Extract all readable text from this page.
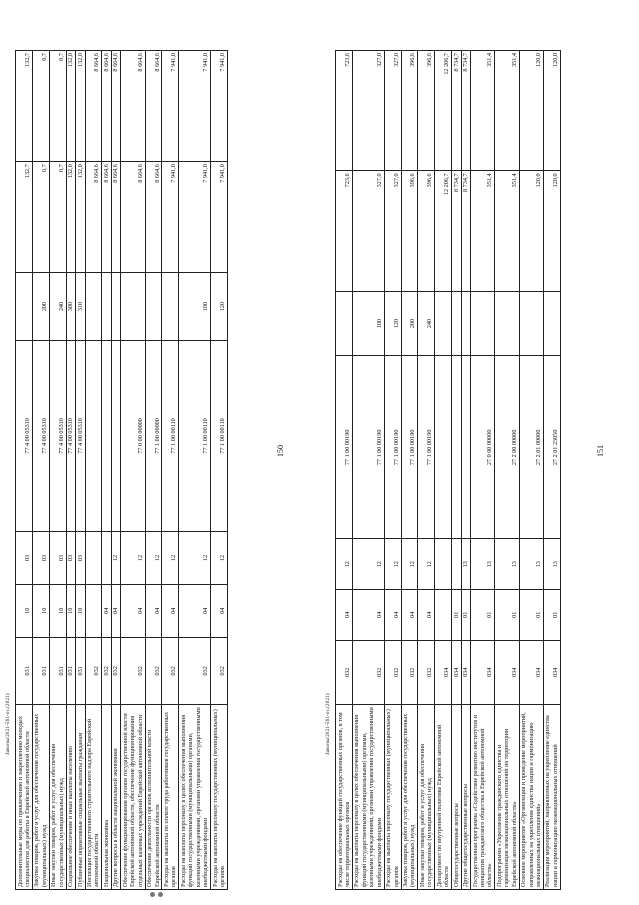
150
Законы/2021-561-оз.(2021) Дополнительные меры по привлечению и закреплению молодых специалистов для работы в Еврейской автономной области	031	10	03	77 4 00 05310		132,7	132,7
Закупка товаров, работ и услуг для обеспечения государственных (муниципальных) нужд	031	10	03	77 4 00 05310	200	0,7	0,7
Иные закупки товаров, работ и услуг для обеспечения государственных (муниципальных) нужд	031	10	03	77 4 00 05310	240	0,7	0,7
Социальное обеспечение и иные выплаты населению	031	10	03	77 4 00 05310	300	132,0	132,0
Публичные нормативные социальные выплаты гражданам	031	10	03	77 4 00 05310	310	132,0	132,0
Инспекция государственного строительного надзора Еврейской автономной области	032					8 664,6	8 664,6
Национальная экономика	032	04				8 664,6	8 664,6
Другие вопросы в области национальной экономики	032	04	12			8 664,6	8 664,6
Обеспечение функционирования органов государственной власти Еврейской автономной области, обеспечение функционирования отдельных казенных учреждений Еврейской автономной области	032	04	12	77 0 00 00000		8 664,6	8 664,6
Обеспечение деятельности органов исполнительной власти Еврейской автономной области	032	04	12	77 1 00 00000		8 664,6	8 664,6
Расходы на выплаты по оплате труда работников государственных органов	032	04	12	77 1 00 00110		7 941,0	7 941,0
Расходы на выплаты персоналу в целях обеспечения выполнения функций государственными (муниципальными) органами, казенными учреждениями, органами управления государственными внебюджетными фондами	032	04	12	77 1 00 00110	100	7 941,0	7 941,0
Расходы на выплаты персоналу государственных (муниципальных) органов	032	04	12	77 1 00 00110	120	7 941,0	7 941,0
151
Законы/2021-561-оз.(2021) Расходы на обеспечение функций государственных органов, в том числе территориальных органов	032	04	12	77 1 00 00190		723,6	723,6
Расходы на выплаты персоналу в целях обеспечения выполнения функций государственными (муниципальными) органами, казенными учреждениями, органами управления государственными внебюджетными фондами	032	04	12	77 1 00 00190	100	327,0	327,0
Расходы на выплаты персоналу государственных (муниципальных) органов	032	04	12	77 1 00 00190	120	327,0	327,0
Закупка товаров, работ и услуг для обеспечения государственных (муниципальных) нужд	032	04	12	77 1 00 00190	200	396,6	396,6
Иные закупки товаров, работ и услуг для обеспечения государственных (муниципальных) нужд	032	04	12	77 1 00 00190	240	396,6	396,6
Департамент по внутренней политике Еврейской автономной области	034					12 206,7	12 206,7
Общегосударственные вопросы	034	01				8 734,7	8 734,7
Другие общегосударственные вопросы	034	01	13			8 734,7	8 734,7
Государственная программа «Содействие развитию институтов и инициатив гражданского общества в Еврейской автономной области»	034	01	13	27 0 00 00000		351,4	351,4
Подпрограмма «Укрепление гражданского единства и гармонизация межнациональных отношений на территории Еврейской автономной области»	034	01	13	27 2 00 00000		351,4	351,4
Основное мероприятие «Организация и проведение мероприятий, направленных на укрепление единства нации и гармонизацию межнациональных отношений»	034	01	13	27 2 01 00000		120,0	120,0
Реализация мероприятий, направленных на укрепление единства нации и гармонизацию межнациональных отношений	034	01	13	27 2 01 23050		120,0	120,0
